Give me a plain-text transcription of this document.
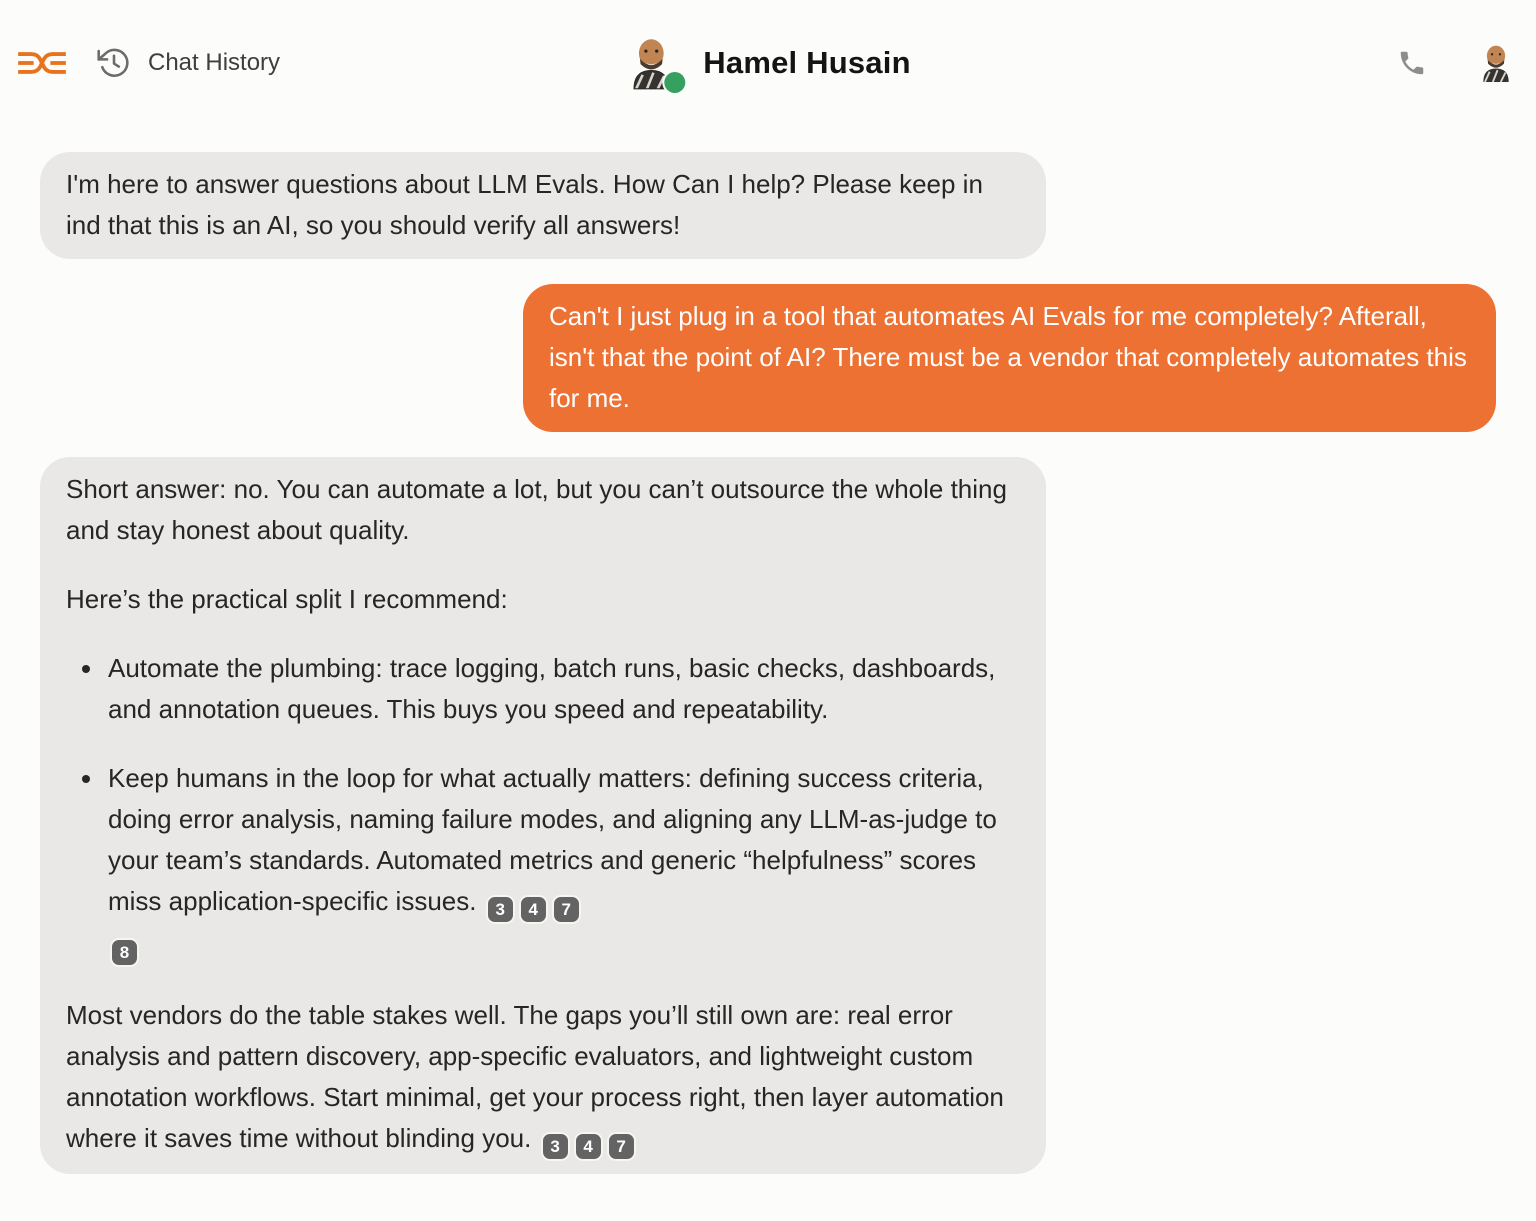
Chat History	Hamel Husain

I'm here to answer questions about LLM Evals. How Can I help? Please keep in ind that this is an AI, so you should verify all answers!

Can't I just plug in a tool that automates AI Evals for me completely? Afterall, isn't that the point of AI? There must be a vendor that completely automates this for me.

Short answer: no. You can automate a lot, but you can’t outsource the whole thing and stay honest about quality.

Here’s the practical split I recommend:

Automate the plumbing: trace logging, batch runs, basic checks, dashboards, and annotation queues. This buys you speed and repeatability.
Keep humans in the loop for what actually matters: defining success criteria, doing error analysis, naming failure modes, and aligning any LLM-as-judge to your team’s standards. Automated metrics and generic “helpfulness” scores miss application-specific issues. 3 4 7
8

Most vendors do the table stakes well. The gaps you’ll still own are: real error analysis and pattern discovery, app-specific evaluators, and lightweight custom annotation workflows. Start minimal, get your process right, then layer automation where it saves time without blinding you. 3 4 7
